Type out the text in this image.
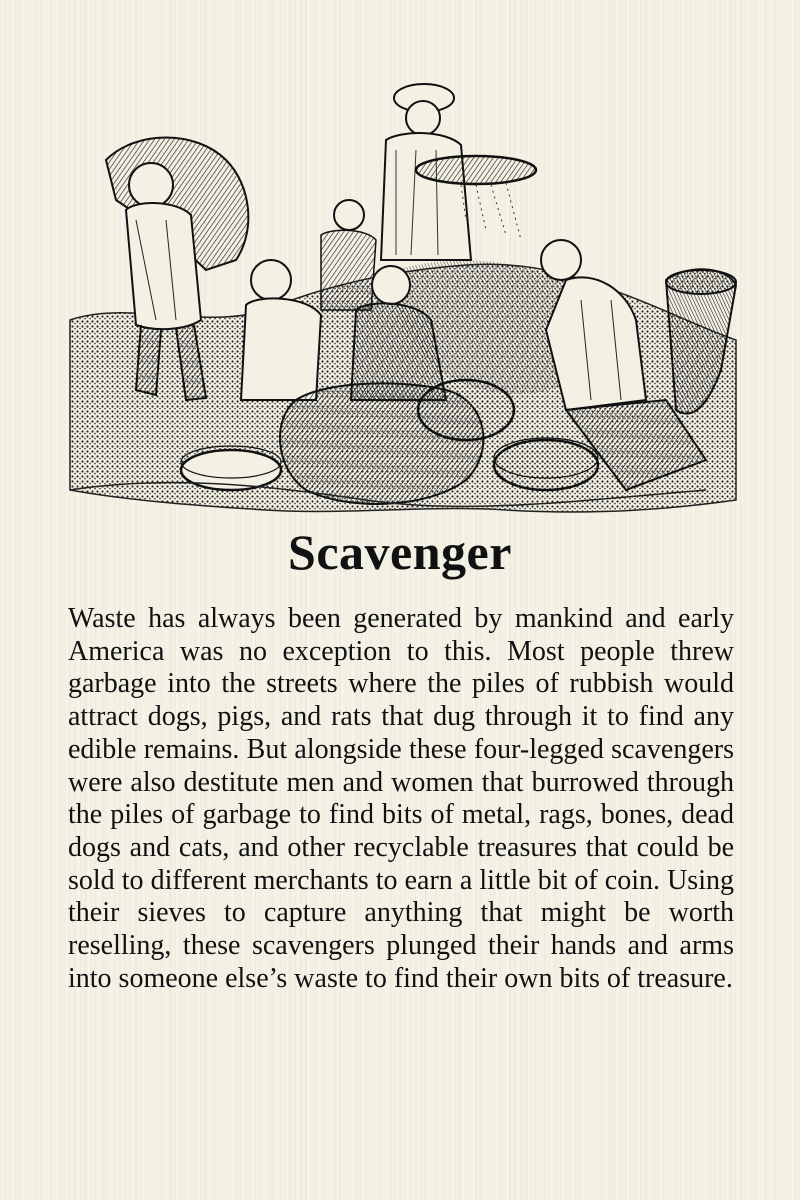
Scavenger

Waste has always been generated by mankind and early America was no exception to this. Most people threw garbage into the streets where the piles of rubbish would attract dogs, pigs, and rats that dug through it to find any edible remains. But alongside these four-legged scavengers were also destitute men and women that burrowed through the piles of garbage to find bits of metal, rags, bones, dead dogs and cats, and other recyclable treasures that could be sold to different merchants to earn a little bit of coin. Using their sieves to capture anything that might be worth reselling, these scavengers plunged their hands and arms into someone else’s waste to find their own bits of treasure.
